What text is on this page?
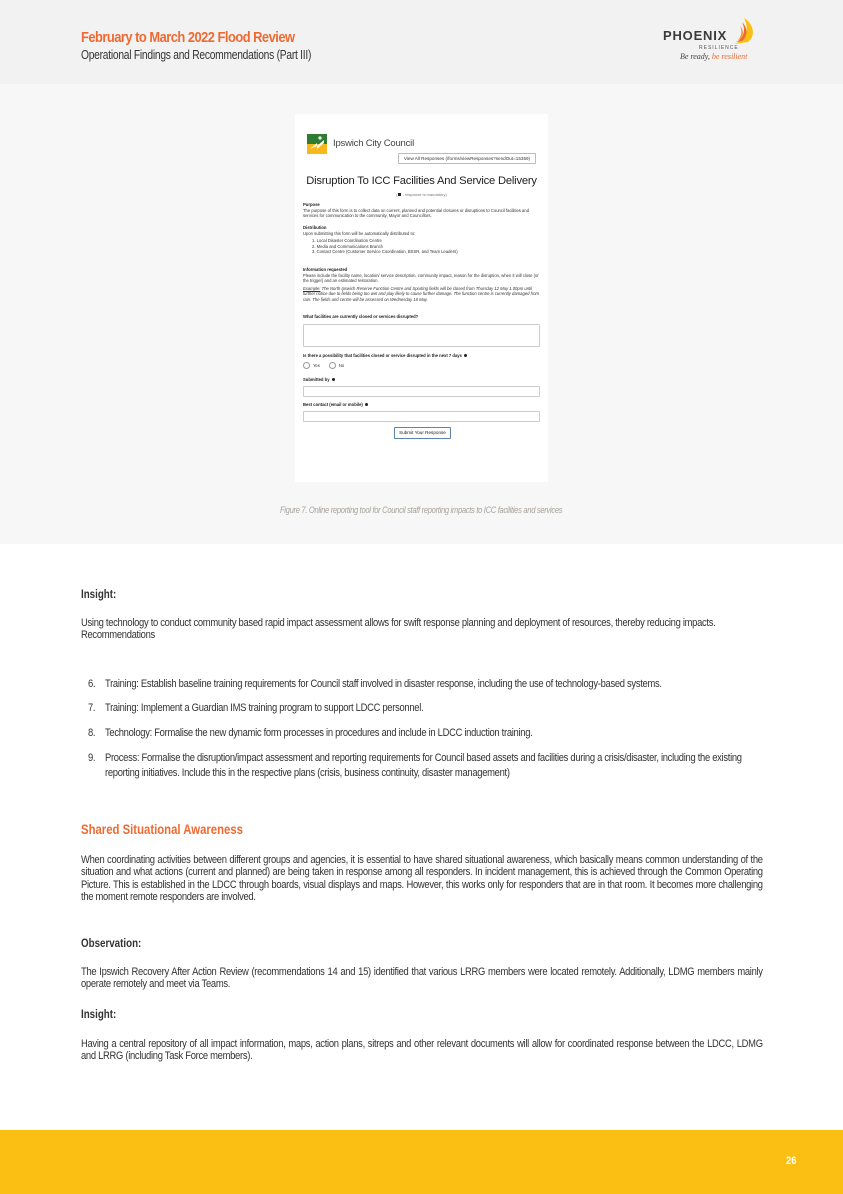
February to March 2022 Flood Review
Operational Findings and Recommendations (Part III)
PHOENIX
RESILIENCE
Be ready, be resilient
Ipswich City Council
View All Responses (/forms/viewResponses?sendOut=15359)
Disruption To ICC Facilities And Service Delivery
- response is mandatory)
Purpose
The purpose of this form is to collect data on current, planned and potential closures or disruptions to Council facilities and services for communication to the community, Mayor and Councillors.
Distribution
Upon submitting this form will be automatically distributed to:
1. Local Disaster Coordination Centre
2. Media and Communications Branch
3. Contact Centre (Customer Service Coordination, BSSR, and Team Leaders)
Information requested
Please include the facility name, location/ service description, community impact, reason for the disruption, when it will close (or the trigger) and an estimated restoration.
Example: The North Ipswich Reserve Function Centre and Sporting fields will be closed from Thursday 12 May 1.00pm until further notice due to fields being too wet and play likely to cause further damage. The function centre is currently damaged from rain. The fields and centre will be assessed on Wednesday 18 May.
What facilities are currently closed or services disrupted?
Is there a possibility that facilities closed or service disrupted in the next 7 days
Yes	No
Submitted by
Best contact (email or mobile)
Submit Your Response
Figure 7. Online reporting tool for Council staff reporting impacts to ICC facilities and services
Insight:
Using technology to conduct community based rapid impact assessment allows for swift response planning and deployment of resources, thereby reducing impacts.
Recommendations
6. Training: Establish baseline training requirements for Council staff involved in disaster response, including the use of technology-based systems.
7. Training: Implement a Guardian IMS training program to support LDCC personnel.
8. Technology: Formalise the new dynamic form processes in procedures and include in LDCC induction training.
9. Process: Formalise the disruption/impact assessment and reporting requirements for Council based assets and facilities during a crisis/disaster, including the existing reporting initiatives. Include this in the respective plans (crisis, business continuity, disaster management)
Shared Situational Awareness
When coordinating activities between different groups and agencies, it is essential to have shared situational awareness, which basically means common understanding of the situation and what actions (current and planned) are being taken in response among all responders. In incident management, this is achieved through the Common Operating Picture. This is established in the LDCC through boards, visual displays and maps. However, this works only for responders that are in that room. It becomes more challenging the moment remote responders are involved.
Observation:
The Ipswich Recovery After Action Review (recommendations 14 and 15) identified that various LRRG members were located remotely. Additionally, LDMG members mainly operate remotely and meet via Teams.
Insight:
Having a central repository of all impact information, maps, action plans, sitreps and other relevant documents will allow for coordinated response between the LDCC, LDMG and LRRG (including Task Force members).
26
